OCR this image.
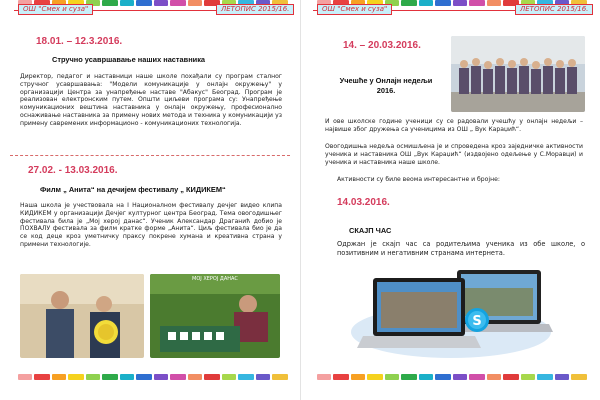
ОШ "Смех и суза"	ЛЕТОПИС 2015/16.
18.01. – 12.3.2016.
Стручно усавршавање наших наставника
Директор, педагог и наставници наше школе похађали су програм сталног стручног усавршавања: "Модели комуникације у онлајн окружењу" у организацији Центра за унапређење наставе "Абакус" Београд. Програм је реализован електронским путем. Општи циљеви програма су: Унапређење комуникационих вештина наставника у онлајн окружењу, професионално оснаживање наставника за примену нових метода и техника у комуникацији уз примену савремених информационо - комуникационих технологија.
27.02. - 13.03.2016.
Филм „ Анита“ на дечијем фестивалу „ КИДИКЕМ“
Наша школа је учествовала на I Националном фестивалу дечјег видео клипа КИДИКЕМ у организацији Дечјег културног центра Београд. Тема овогодишњег фестивала била је „Мој херој данас“. Ученик Александар Драганић добио је ПОХВАЛУ фестивала за филм кратке форме „Анита“. Циљ фестивала био је да се код деце кроз уметничку праксу покрене хумана и креативна страна у примени технологије.
МОЈ ХЕРОЈ ДАНАС
ОШ "Смех и суза"	ЛЕТОПИС 2015/16.
14. – 20.03.2016.
Учешће у Онлајн недељи 2016.
И ове школске године ученици су се радовали учешћу у онлајн недељи – највише због дружења са ученицима из ОШ „ Вук Караџић“.
Овогодишња недеља осмишљена је и спроведена кроз заједничке активности ученика и наставника ОШ „Вук Караџић“ (издвојено одељење у С.Моравци) и ученика и наставника наше школе.
Активности су биле веома интересантне и бројне:
14.03.2016.
СКАЈП ЧАС
Одржан је скајп час са родитељима ученика из обе школе, о позитивним и негативним странама интернета.
S
